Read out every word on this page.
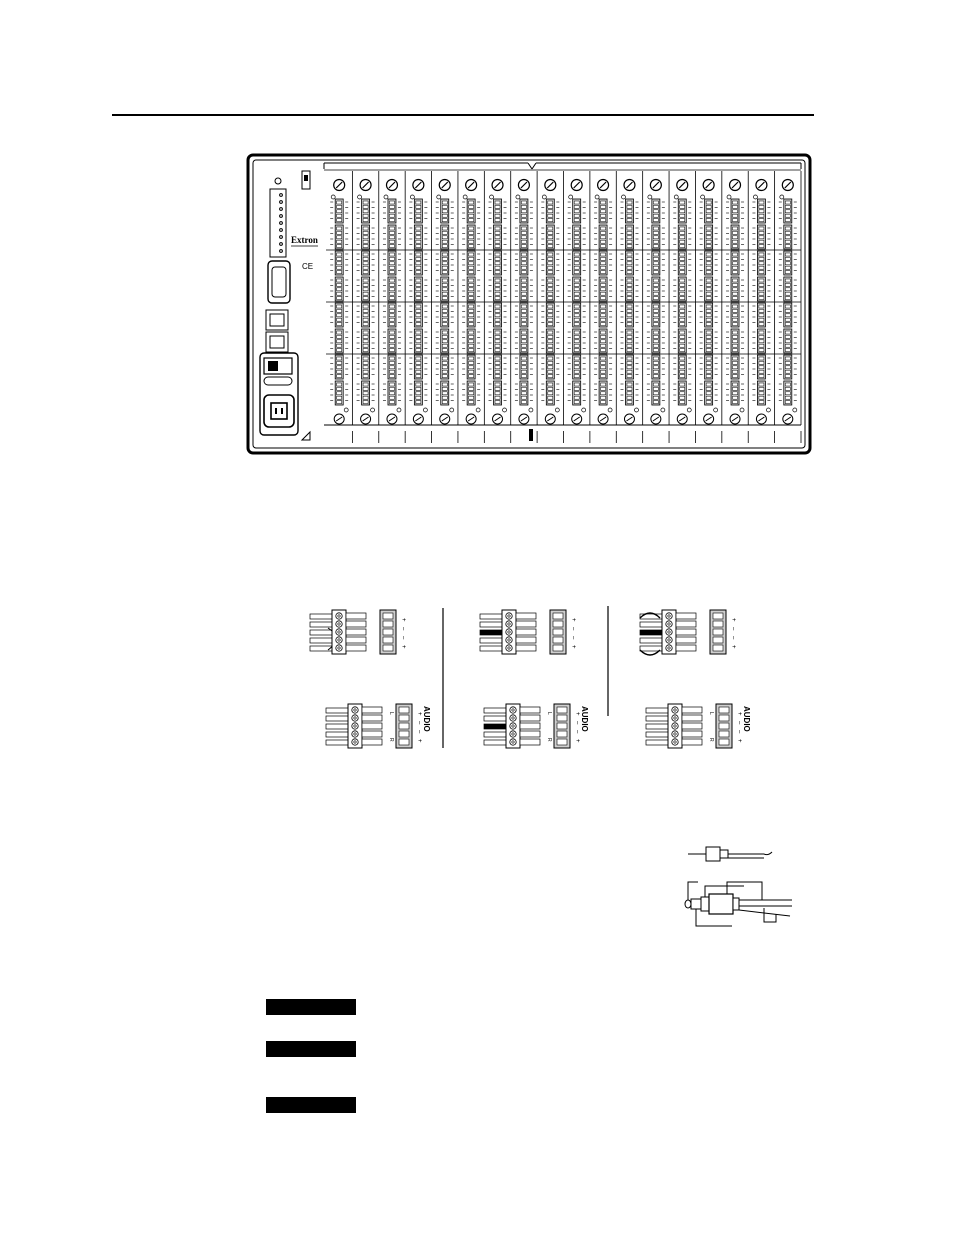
Extron
CE
+
–
–
+
+
–
–
+
+
–
–
+
+
–
–
+
L
R
AUDIO	+
–
–
+
L
R
AUDIO	+
–
–
+
L
R
AUDIO
